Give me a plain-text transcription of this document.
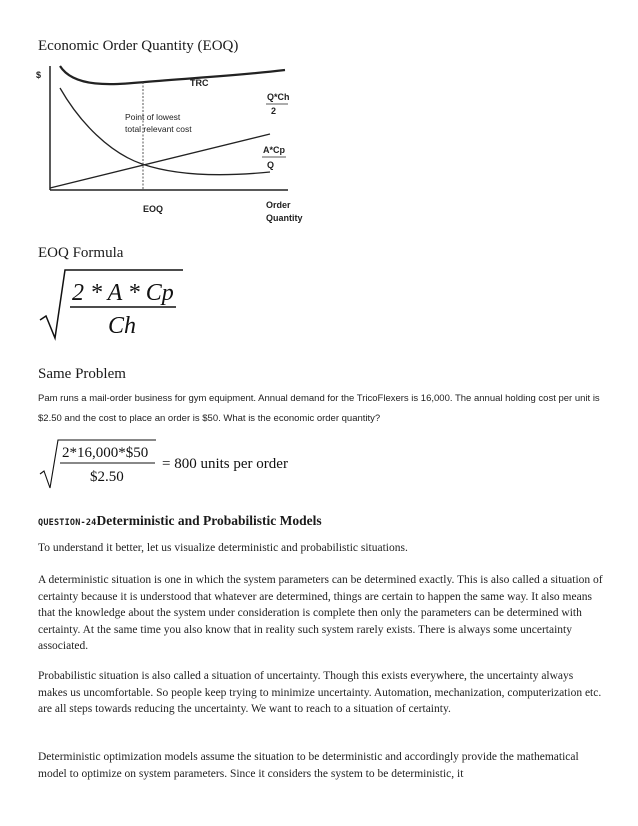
Economic Order Quantity (EOQ)
$
TRC
Q*Ch
2
Point of lowest
total relevant cost
A*Cp
Q
EOQ	Order
Quantity
EOQ Formula
2 * A * Cp
Ch
Same Problem

Pam runs a mail-order business for gym equipment. Annual demand for the TricoFlexers is 16,000. The annual holding cost per unit is $2.50 and the cost to place an order is $50. What is the economic order quantity?

2*16,000*$50
$2.50
= 800 units per order
QUESTION-24Deterministic and Probabilistic Models

To understand it better, let us visualize deterministic and probabilistic situations.

A deterministic situation is one in which the system parameters can be determined exactly. This is also called a situation of certainty because it is understood that whatever are determined, things are certain to happen the same way. It also means that the knowledge about the system under consideration is complete then only the parameters can be determined with certainty. At the same time you also know that in reality such system rarely exists. There is always some uncertainty associated.

Probabilistic situation is also called a situation of uncertainty. Though this exists everywhere, the uncertainty always makes us uncomfortable. So people keep trying to minimize uncertainty. Automation, mechanization, computerization etc. are all steps towards reducing the uncertainty. We want to reach to a situation of certainty.

Deterministic optimization models assume the situation to be deterministic and accordingly provide the mathematical model to optimize on system parameters. Since it considers the system to be deterministic, it
